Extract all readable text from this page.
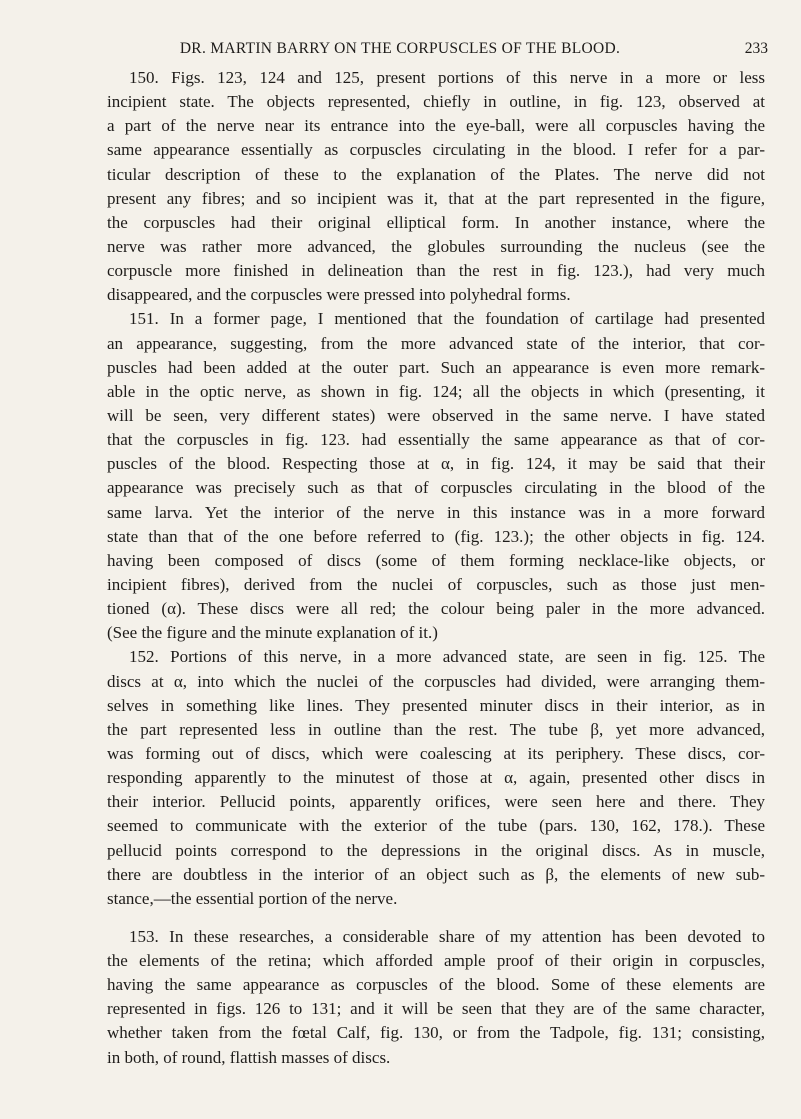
DR. MARTIN BARRY ON THE CORPUSCLES OF THE BLOOD.	233
150. Figs. 123, 124 and 125, present portions of this nerve in a more or less
incipient state. The objects represented, chiefly in outline, in fig. 123, observed at
a part of the nerve near its entrance into the eye-ball, were all corpuscles having the
same appearance essentially as corpuscles circulating in the blood. I refer for a par-
ticular description of these to the explanation of the Plates. The nerve did not
present any fibres; and so incipient was it, that at the part represented in the figure,
the corpuscles had their original elliptical form. In another instance, where the
nerve was rather more advanced, the globules surrounding the nucleus (see the
corpuscle more finished in delineation than the rest in fig. 123.), had very much
disappeared, and the corpuscles were pressed into polyhedral forms.
151. In a former page, I mentioned that the foundation of cartilage had presented
an appearance, suggesting, from the more advanced state of the interior, that cor-
puscles had been added at the outer part. Such an appearance is even more remark-
able in the optic nerve, as shown in fig. 124; all the objects in which (presenting, it
will be seen, very different states) were observed in the same nerve. I have stated
that the corpuscles in fig. 123. had essentially the same appearance as that of cor-
puscles of the blood. Respecting those at α, in fig. 124, it may be said that their
appearance was precisely such as that of corpuscles circulating in the blood of the
same larva. Yet the interior of the nerve in this instance was in a more forward
state than that of the one before referred to (fig. 123.); the other objects in fig. 124.
having been composed of discs (some of them forming necklace-like objects, or
incipient fibres), derived from the nuclei of corpuscles, such as those just men-
tioned (α). These discs were all red; the colour being paler in the more advanced.
(See the figure and the minute explanation of it.)
152. Portions of this nerve, in a more advanced state, are seen in fig. 125. The
discs at α, into which the nuclei of the corpuscles had divided, were arranging them-
selves in something like lines. They presented minuter discs in their interior, as in
the part represented less in outline than the rest. The tube β, yet more advanced,
was forming out of discs, which were coalescing at its periphery. These discs, cor-
responding apparently to the minutest of those at α, again, presented other discs in
their interior. Pellucid points, apparently orifices, were seen here and there. They
seemed to communicate with the exterior of the tube (pars. 130, 162, 178.). These
pellucid points correspond to the depressions in the original discs. As in muscle,
there are doubtless in the interior of an object such as β, the elements of new sub-
stance,—the essential portion of the nerve.
153. In these researches, a considerable share of my attention has been devoted to
the elements of the retina; which afforded ample proof of their origin in corpuscles,
having the same appearance as corpuscles of the blood. Some of these elements are
represented in figs. 126 to 131; and it will be seen that they are of the same character,
whether taken from the fœtal Calf, fig. 130, or from the Tadpole, fig. 131; consisting,
in both, of round, flattish masses of discs.
